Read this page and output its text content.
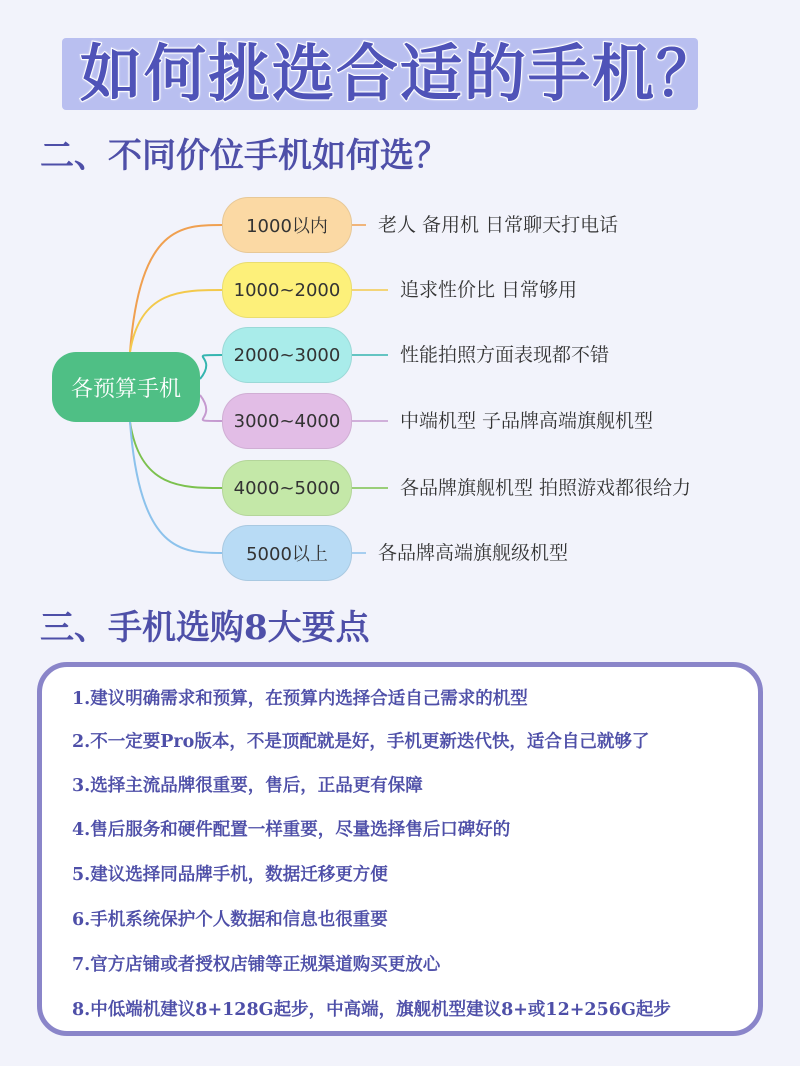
如何挑选合适的手机？
二、不同价位手机如何选？
各预算手机
1000以内
1000~2000
2000~3000
3000~4000
4000~5000
5000以上
老人 备用机 日常聊天打电话
追求性价比 日常够用
性能拍照方面表现都不错
中端机型 子品牌高端旗舰机型
各品牌旗舰机型 拍照游戏都很给力
各品牌高端旗舰级机型
三、手机选购8大要点
1.建议明确需求和预算，在预算内选择合适自己需求的机型
2.不一定要Pro版本，不是顶配就是好，手机更新迭代快，适合自己就够了
3.选择主流品牌很重要，售后，正品更有保障
4.售后服务和硬件配置一样重要，尽量选择售后口碑好的
5.建议选择同品牌手机，数据迁移更方便
6.手机系统保护个人数据和信息也很重要
7.官方店铺或者授权店铺等正规渠道购买更放心
8.中低端机建议8+128G起步，中高端，旗舰机型建议8+或12+256G起步
